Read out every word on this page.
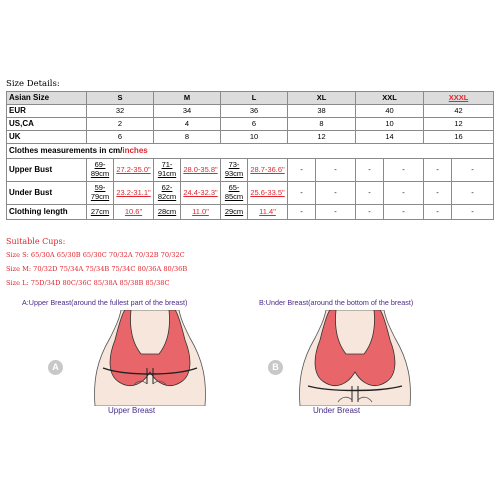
Size Details:
Asian Size	S		M		L		XL		XXL		XXXL	
EUR	32		34		36		38		40		42	
US,CA	2		4		6		8		10		12	
UK	6		8		10		12		14		16	
Clothes measurements in cm/inches												
Upper Bust	69-89cm	27.2-35.0"	71-91cm	28.0-35.8"	73-93cm	28.7-36.6"	-	-	-	-	-	-
Under Bust	59-79cm	23.2-31.1"	62-82cm	24.4-32.3"	65-85cm	25.6-33.5"	-	-	-	-	-	-
Clothing length	27cm	10.6"	28cm	11.0"	29cm	11.4"	-	-	-	-	-	-
Suitable Cups:
Size S: 65/30A 65/30B 65/30C 70/32A 70/32B 70/32C
Size M: 70/32D 75/34A 75/34B 75/34C 80/36A 80/36B
Size L: 75D/34D 80C/36C 85/38A 85/38B 85/38C
A:Upper Breast(around the fullest part of the breast)	B:Under Breast(around the bottom of the breast)
A	B
Upper Breast	Under Breast
